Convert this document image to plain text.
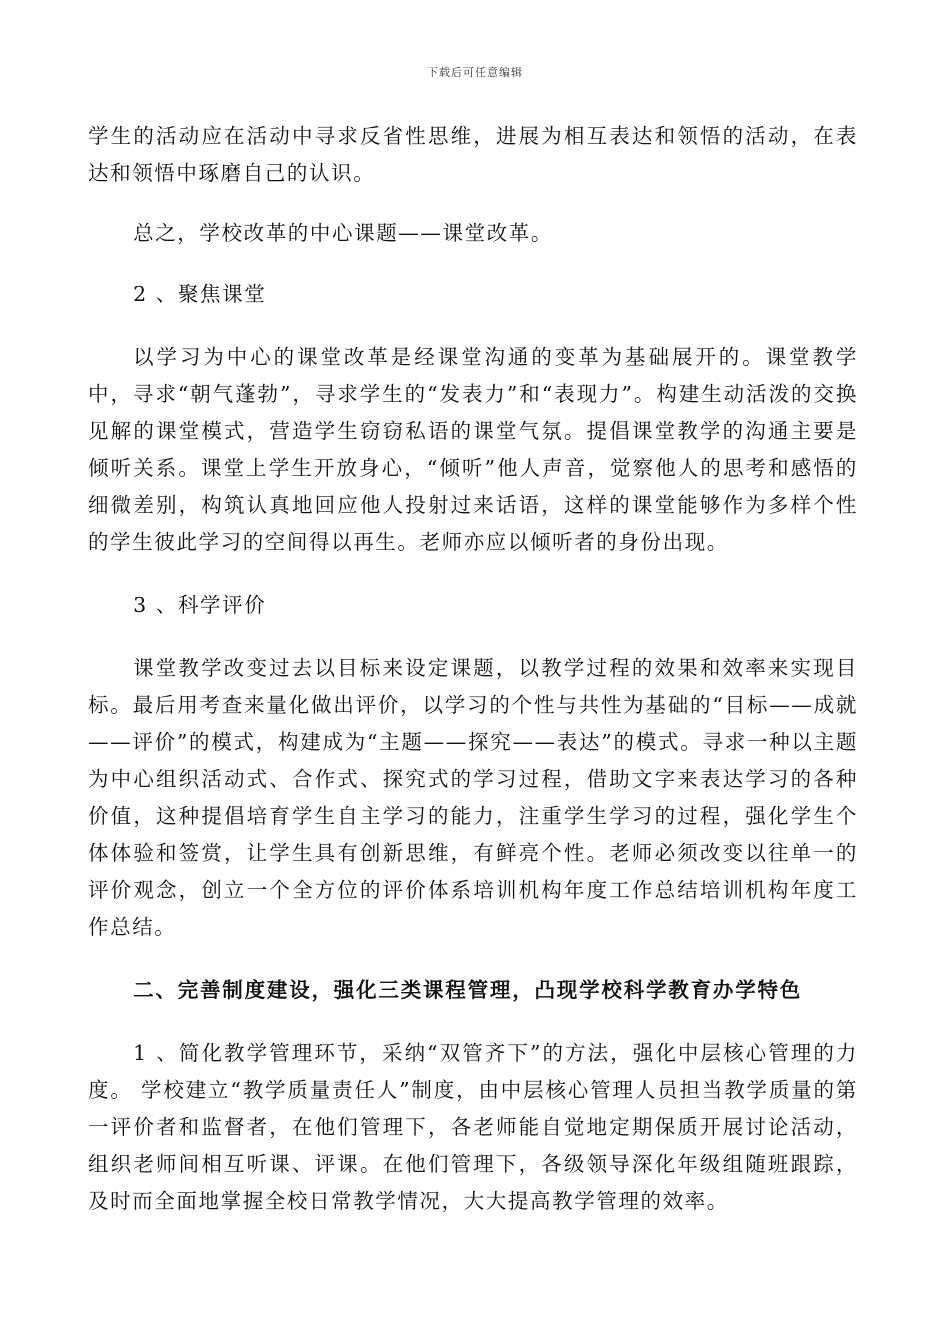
下载后可任意编辑

学生的活动应在活动中寻求反省性思维，进展为相互表达和领悟的活动，在表达和领悟中琢磨自己的认识。

总之，学校改革的中心课题——课堂改革。

2 、聚焦课堂

以学习为中心的课堂改革是经课堂沟通的变革为基础展开的。课堂教学中，寻求“朝气蓬勃”，寻求学生的“发表力”和“表现力”。构建生动活泼的交换见解的课堂模式，营造学生窃窃私语的课堂气氛。提倡课堂教学的沟通主要是倾听关系。课堂上学生开放身心，“倾听”他人声音，觉察他人的思考和感悟的细微差别，构筑认真地回应他人投射过来话语，这样的课堂能够作为多样个性的学生彼此学习的空间得以再生。老师亦应以倾听者的身份出现。

3 、科学评价

课堂教学改变过去以目标来设定课题，以教学过程的效果和效率来实现目标。最后用考查来量化做出评价，以学习的个性与共性为基础的“目标——成就 ——评价”的模式，构建成为“主题——探究——表达”的模式。寻求一种以主题为中心组织活动式、合作式、探究式的学习过程，借助文字来表达学习的各种价值，这种提倡培育学生自主学习的能力，注重学生学习的过程，强化学生个体体验和签赏，让学生具有创新思维，有鲜亮个性。老师必须改变以往单一的评价观念，创立一个全方位的评价体系培训机构年度工作总结培训机构年度工作总结。

二、完善制度建设，强化三类课程管理，凸现学校科学教育办学特色

1 、简化教学管理环节，采纳“双管齐下”的方法，强化中层核心管理的力度。 学校建立“教学质量责任人”制度，由中层核心管理人员担当教学质量的第一评价者和监督者，在他们管理下，各老师能自觉地定期保质开展讨论活动，组织老师间相互听课、评课。在他们管理下，各级领导深化年级组随班跟踪，及时而全面地掌握全校日常教学情况，大大提高教学管理的效率。
